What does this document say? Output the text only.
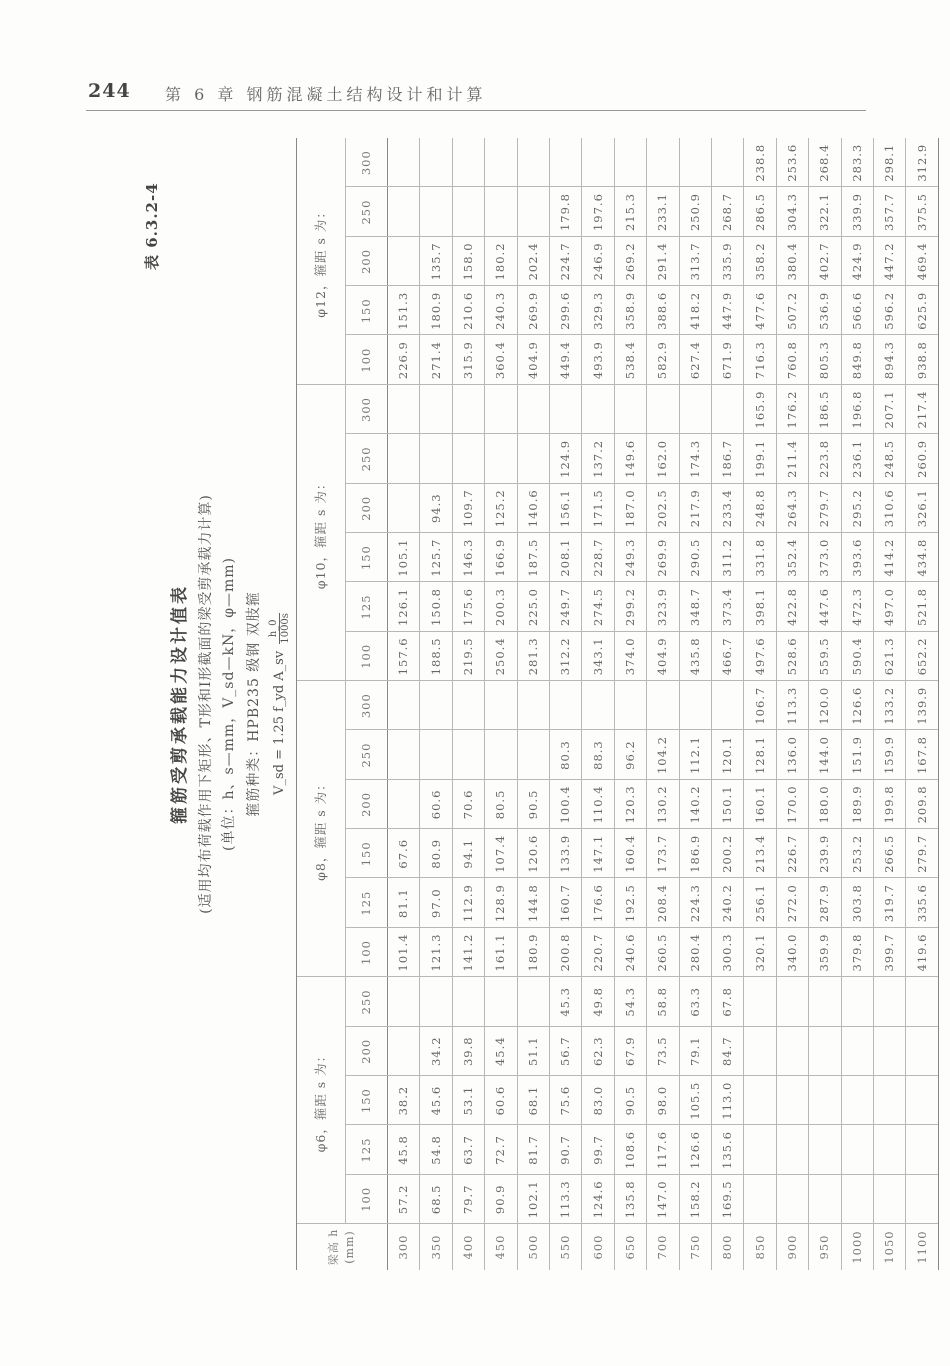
244 第 6 章 钢筋混凝土结构设计和计算
表 6.3.2-4
箍筋受剪承载能力设计值表 (适用均布荷载作用下矩形、T形和I形截面的梁受剪承载力计算) (单位：h、s—mm，V_sd—kN，φ—mm) 箍筋种类：HPB235 级钢 双肢箍 V_sd = 1.25 f_yd A_sv
h_0 1000s
梁高 h (mm)
φ6，箍距 s 为：
φ8，箍距 s 为：
φ10，箍距 s 为：
φ12，箍距 s 为：
100
125
150
200
250
100
125
150
200
250
300
100
125
150
200
250
300
100
150
200
250
300
300
57.2
45.8
38.2
101.4
81.1
67.6
157.6
126.1
105.1
226.9
151.3
350
68.5
54.8
45.6
34.2
121.3
97.0
80.9
60.6
188.5
150.8
125.7
94.3
271.4
180.9
135.7
400
79.7
63.7
53.1
39.8
141.2
112.9
94.1
70.6
219.5
175.6
146.3
109.7
315.9
210.6
158.0
450
90.9
72.7
60.6
45.4
161.1
128.9
107.4
80.5
250.4
200.3
166.9
125.2
360.4
240.3
180.2
500
102.1
81.7
68.1
51.1
180.9
144.8
120.6
90.5
281.3
225.0
187.5
140.6
404.9
269.9
202.4
550
113.3
90.7
75.6
56.7
45.3
200.8
160.7
133.9
100.4
80.3
312.2
249.7
208.1
156.1
124.9
449.4
299.6
224.7
179.8
600
124.6
99.7
83.0
62.3
49.8
220.7
176.6
147.1
110.4
88.3
343.1
274.5
228.7
171.5
137.2
493.9
329.3
246.9
197.6
650
135.8
108.6
90.5
67.9
54.3
240.6
192.5
160.4
120.3
96.2
374.0
299.2
249.3
187.0
149.6
538.4
358.9
269.2
215.3
700
147.0
117.6
98.0
73.5
58.8
260.5
208.4
173.7
130.2
104.2
404.9
323.9
269.9
202.5
162.0
582.9
388.6
291.4
233.1
750
158.2
126.6
105.5
79.1
63.3
280.4
224.3
186.9
140.2
112.1
435.8
348.7
290.5
217.9
174.3
627.4
418.2
313.7
250.9
800
169.5
135.6
113.0
84.7
67.8
300.3
240.2
200.2
150.1
120.1
466.7
373.4
311.2
233.4
186.7
671.9
447.9
335.9
268.7
850
320.1
256.1
213.4
160.1
128.1
106.7
497.6
398.1
331.8
248.8
199.1
165.9
716.3
477.6
358.2
286.5
238.8
900
340.0
272.0
226.7
170.0
136.0
113.3
528.6
422.8
352.4
264.3
211.4
176.2
760.8
507.2
380.4
304.3
253.6
950
359.9
287.9
239.9
180.0
144.0
120.0
559.5
447.6
373.0
279.7
223.8
186.5
805.3
536.9
402.7
322.1
268.4
1000
379.8
303.8
253.2
189.9
151.9
126.6
590.4
472.3
393.6
295.2
236.1
196.8
849.8
566.6
424.9
339.9
283.3
1050
399.7
319.7
266.5
199.8
159.9
133.2
621.3
497.0
414.2
310.6
248.5
207.1
894.3
596.2
447.2
357.7
298.1
1100
419.6
335.6
279.7
209.8
167.8
139.9
652.2
521.8
434.8
326.1
260.9
217.4
938.8
625.9
469.4
375.5
312.9
